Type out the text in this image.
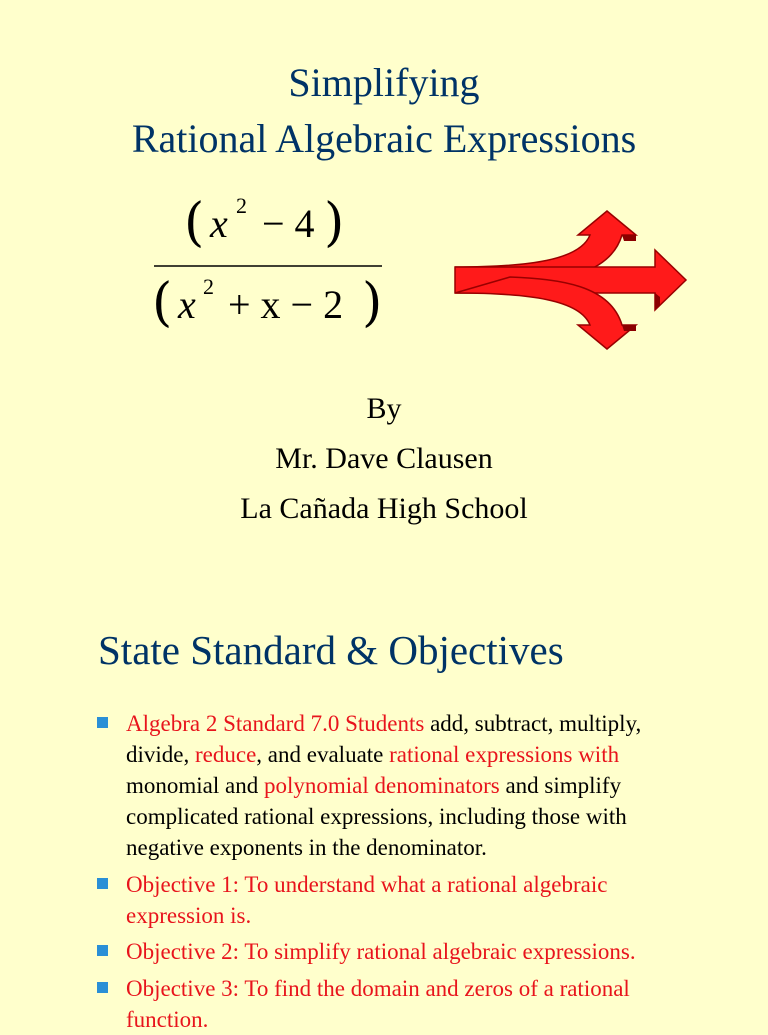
Simplifying
Rational Algebraic Expressions
( x 2 − 4 )
( x 2 + x − 2 )
By
Mr. Dave Clausen
La Cañada High School
State Standard & Objectives
Algebra 2 Standard 7.0 Students add, subtract, multiply,
divide, reduce, and evaluate rational expressions with
monomial and polynomial denominators and simplify
complicated rational expressions, including those with
negative exponents in the denominator.
Objective 1: To understand what a rational algebraic
expression is.
Objective 2: To simplify rational algebraic expressions.
Objective 3: To find the domain and zeros of a rational
function.
